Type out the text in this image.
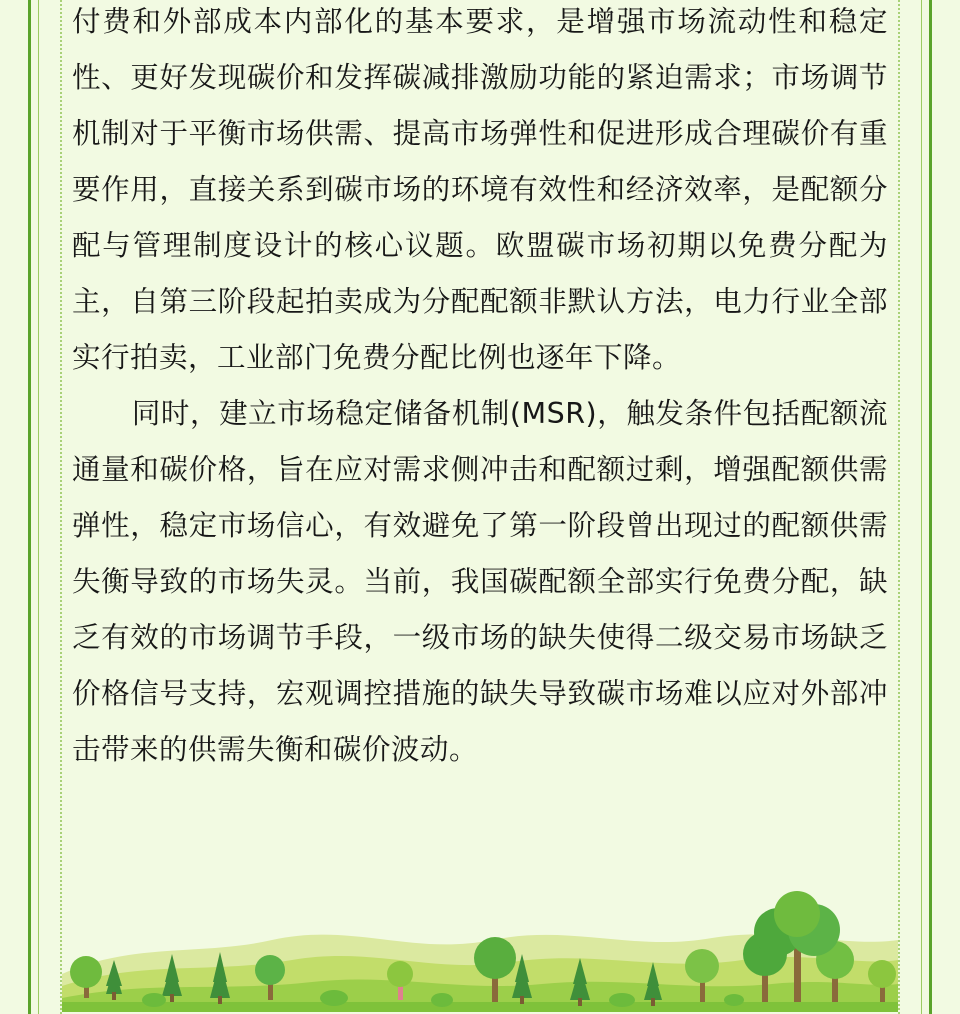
付费和外部成本内部化的基本要求，是增强市场流动性和稳定性、更好发现碳价和发挥碳减排激励功能的紧迫需求；市场调节机制对于平衡市场供需、提高市场弹性和促进形成合理碳价有重要作用，直接关系到碳市场的环境有效性和经济效率，是配额分配与管理制度设计的核心议题。欧盟碳市场初期以免费分配为主，自第三阶段起拍卖成为分配配额非默认方法，电力行业全部实行拍卖，工业部门免费分配比例也逐年下降。

同时，建立市场稳定储备机制(MSR)，触发条件包括配额流通量和碳价格，旨在应对需求侧冲击和配额过剩，增强配额供需弹性，稳定市场信心，有效避免了第一阶段曾出现过的配额供需失衡导致的市场失灵。当前，我国碳配额全部实行免费分配，缺乏有效的市场调节手段，一级市场的缺失使得二级交易市场缺乏价格信号支持，宏观调控措施的缺失导致碳市场难以应对外部冲击带来的供需失衡和碳价波动。
